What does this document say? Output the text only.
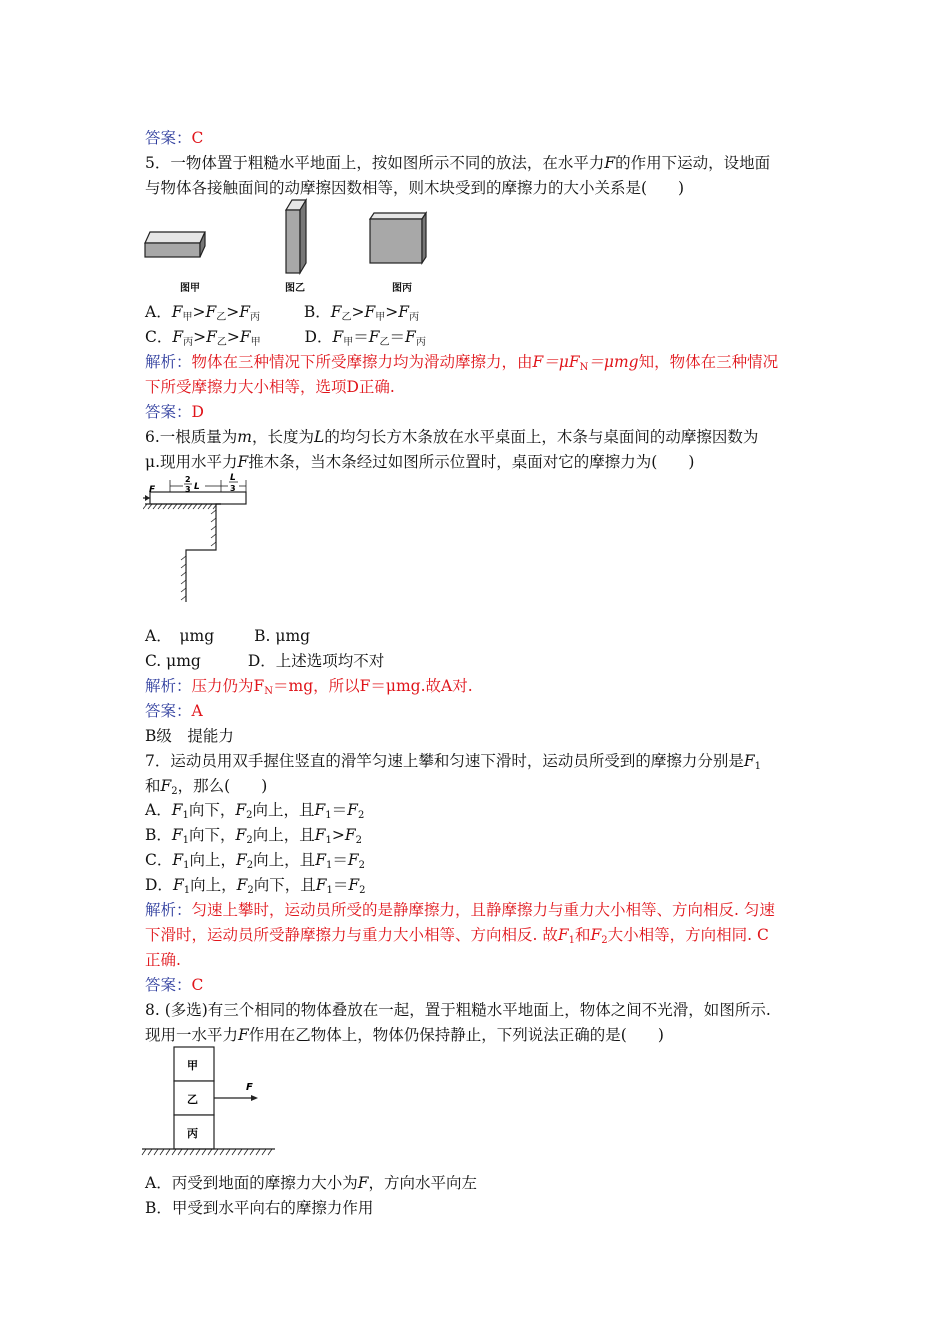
答案：C
5．一物体置于粗糙水平地面上，按如图所示不同的放法，在水平力F的作用下运动，设地面
与物体各接触面间的动摩擦因数相等，则木块受到的摩擦力的大小关系是(　　)
图甲	图乙	图丙
A．$F_甲>F_乙>F_丙$	B．$F_乙>F_甲>F_丙$
C．$F_丙>F_乙>F_甲$	D．$F_甲=F_乙=F_丙$
解析：物体在三种情况下所受摩擦力均为滑动摩擦力，由$F=\mu F_N=\mu mg$知，物体在三种情况
下所受摩擦力大小相等，选项D正确.
答案：D
6.一根质量为m，长度为L的均匀长方木条放在水平桌面上，木条与桌面间的动摩擦因数为
μ.现用水平力F推木条，当木条经过如图所示位置时，桌面对它的摩擦力为(　　)
F
2
3 L
L
3
A．　μmg	B. μmg
C. μmg	D．上述选项均不对
解析：压力仍为$F_N=mg$，所以F＝μmg.故A对.
答案：A
B级　提能力
7．运动员用双手握住竖直的滑竿匀速上攀和匀速下滑时，运动员所受到的摩擦力分别是$F_1$
和$F_2$，那么(　　)
A．$F_1$向下，$F_2$向上，且$F_1=F_2$
B．$F_1$向下，$F_2$向上，且$F_1>F_2$
C．$F_1$向上，$F_2$向上，且$F_1=F_2$
D．$F_1$向上，$F_2$向下，且$F_1=F_2$
解析：匀速上攀时，运动员所受的是静摩擦力，且静摩擦力与重力大小相等、方向相反. 匀速
下滑时，运动员所受静摩擦力与重力大小相等、方向相反. 故$F_1$和$F_2$大小相等，方向相同. C
正确.
答案：C
8. (多选)有三个相同的物体叠放在一起，置于粗糙水平地面上，物体之间不光滑，如图所示.
现用一水平力F作用在乙物体上，物体仍保持静止，下列说法正确的是(　　)
甲
乙
丙
F
A．丙受到地面的摩擦力大小为F，方向水平向左
B．甲受到水平向右的摩擦力作用
